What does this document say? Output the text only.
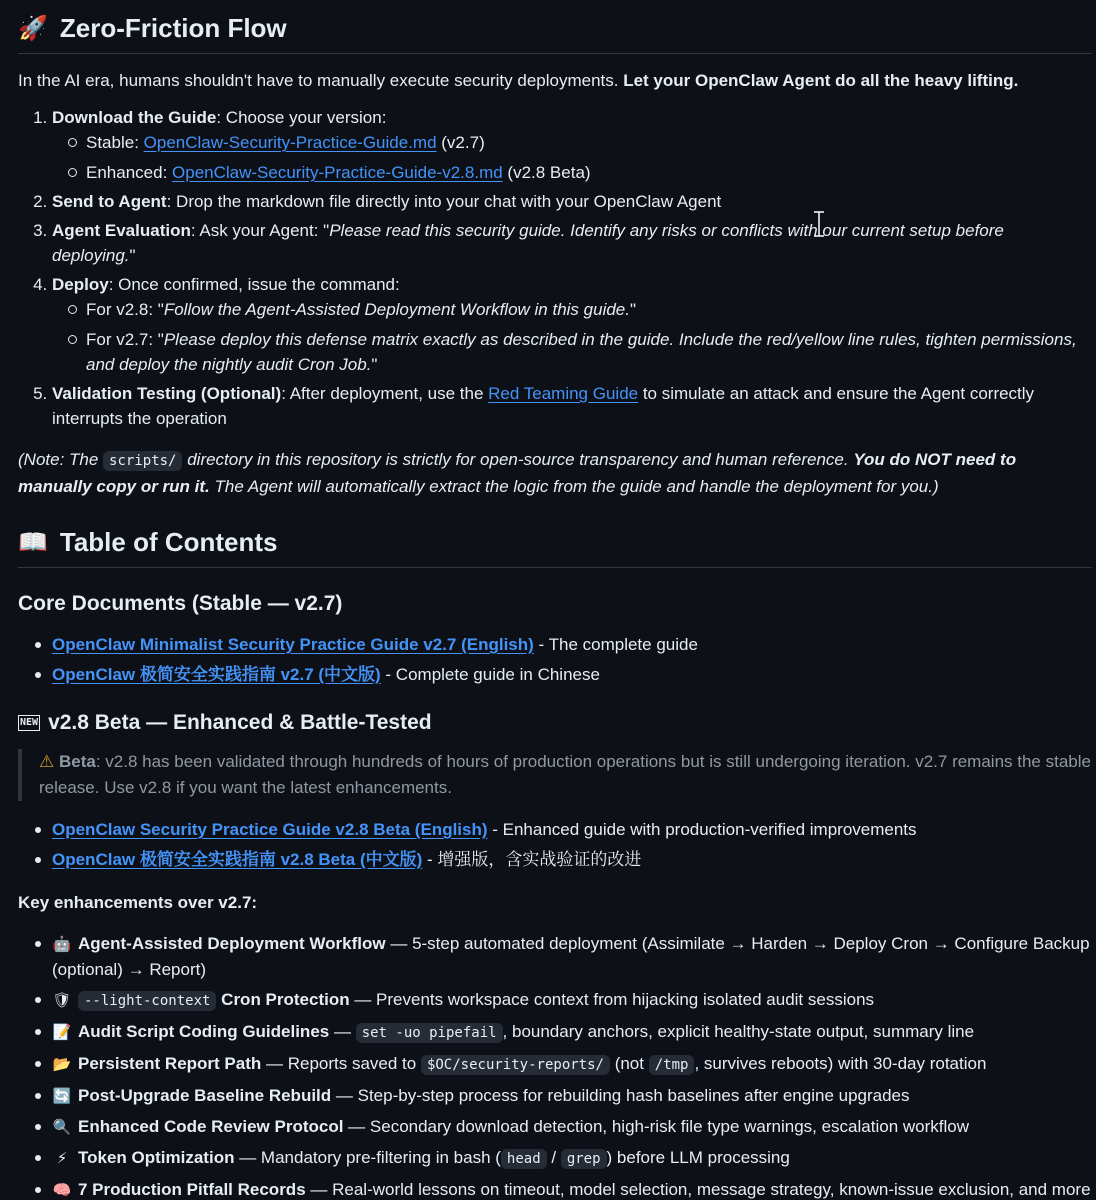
🚀 Zero-Friction Flow

In the AI era, humans shouldn't have to manually execute security deployments. Let your OpenClaw Agent do all the heavy lifting.

1. Download the Guide: Choose your version:
Stable: OpenClaw-Security-Practice-Guide.md (v2.7)
Enhanced: OpenClaw-Security-Practice-Guide-v2.8.md (v2.8 Beta)
2. Send to Agent: Drop the markdown file directly into your chat with your OpenClaw Agent
3. Agent Evaluation: Ask your Agent: "Please read this security guide. Identify any risks or conflicts with our current setup before deploying."
4. Deploy: Once confirmed, issue the command:
For v2.8: "Follow the Agent-Assisted Deployment Workflow in this guide."
For v2.7: "Please deploy this defense matrix exactly as described in the guide. Include the red/yellow line rules, tighten permissions, and deploy the nightly audit Cron Job."
5. Validation Testing (Optional): After deployment, use the Red Teaming Guide to simulate an attack and ensure the Agent correctly interrupts the operation

(Note: The scripts/ directory in this repository is strictly for open-source transparency and human reference. You do NOT need to manually copy or run it. The Agent will automatically extract the logic from the guide and handle the deployment for you.)

📖 Table of Contents
Core Documents (Stable — v2.7)
OpenClaw Minimalist Security Practice Guide v2.7 (English) - The complete guide
OpenClaw 极简安全实践指南 v2.7 (中文版) - Complete guide in Chinese
NEW v2.8 Beta — Enhanced & Battle-Tested
⚠ Beta: v2.8 has been validated through hundreds of hours of production operations but is still undergoing iteration. v2.7 remains the stable release. Use v2.8 if you want the latest enhancements.
OpenClaw Security Practice Guide v2.8 Beta (English) - Enhanced guide with production-verified improvements
OpenClaw 极简安全实践指南 v2.8 Beta (中文版) - 增强版，含实战验证的改进

Key enhancements over v2.7:

🤖 Agent-Assisted Deployment Workflow — 5-step automated deployment (Assimilate → Harden → Deploy Cron → Configure Backup (optional) → Report)
🛡 --light-context Cron Protection — Prevents workspace context from hijacking isolated audit sessions
📝 Audit Script Coding Guidelines — set -uo pipefail , boundary anchors, explicit healthy-state output, summary line
📂 Persistent Report Path — Reports saved to $OC/security-reports/ (not /tmp , survives reboots) with 30-day rotation
🔄 Post-Upgrade Baseline Rebuild — Step-by-step process for rebuilding hash baselines after engine upgrades
🔍 Enhanced Code Review Protocol — Secondary download detection, high-risk file type warnings, escalation workflow
⚡ Token Optimization — Mandatory pre-filtering in bash ( head / grep ) before LLM processing
🧠 7 Production Pitfall Records — Real-world lessons on timeout, model selection, message strategy, known-issue exclusion, and more
